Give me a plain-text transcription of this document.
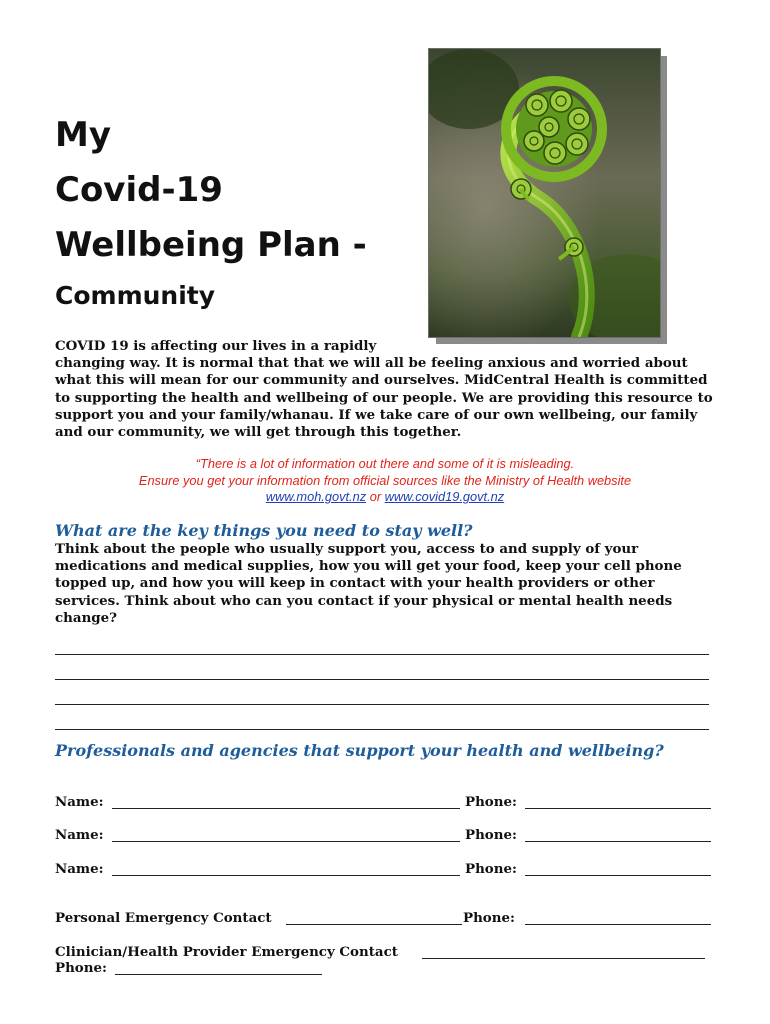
My
Covid-19
Wellbeing Plan -
Community

COVID 19 is affecting our lives in a rapidly
changing way. It is normal that that we will all be feeling anxious and worried about what this will mean for our community and ourselves. MidCentral Health is committed to supporting the health and wellbeing of our people. We are providing this resource to support you and your family/whanau. If we take care of our own wellbeing, our family and our community, we will get through this together.

“There is a lot of information out there and some of it is misleading.
Ensure you get your information from official sources like the Ministry of Health website
www.moh.govt.nz or www.covid19.govt.nz
What are the key things you need to stay well?

Think about the people who usually support you, access to and supply of your medications and medical supplies, how you will get your food, keep your cell phone topped up, and how you will keep in contact with your health providers or other services. Think about who can you contact if your physical or mental health needs change?

Professionals and agencies that support your health and wellbeing?
Name:	Phone:
Name:	Phone:
Name:	Phone:
Personal Emergency Contact	Phone:
Clinician/Health Provider Emergency Contact
Phone:
